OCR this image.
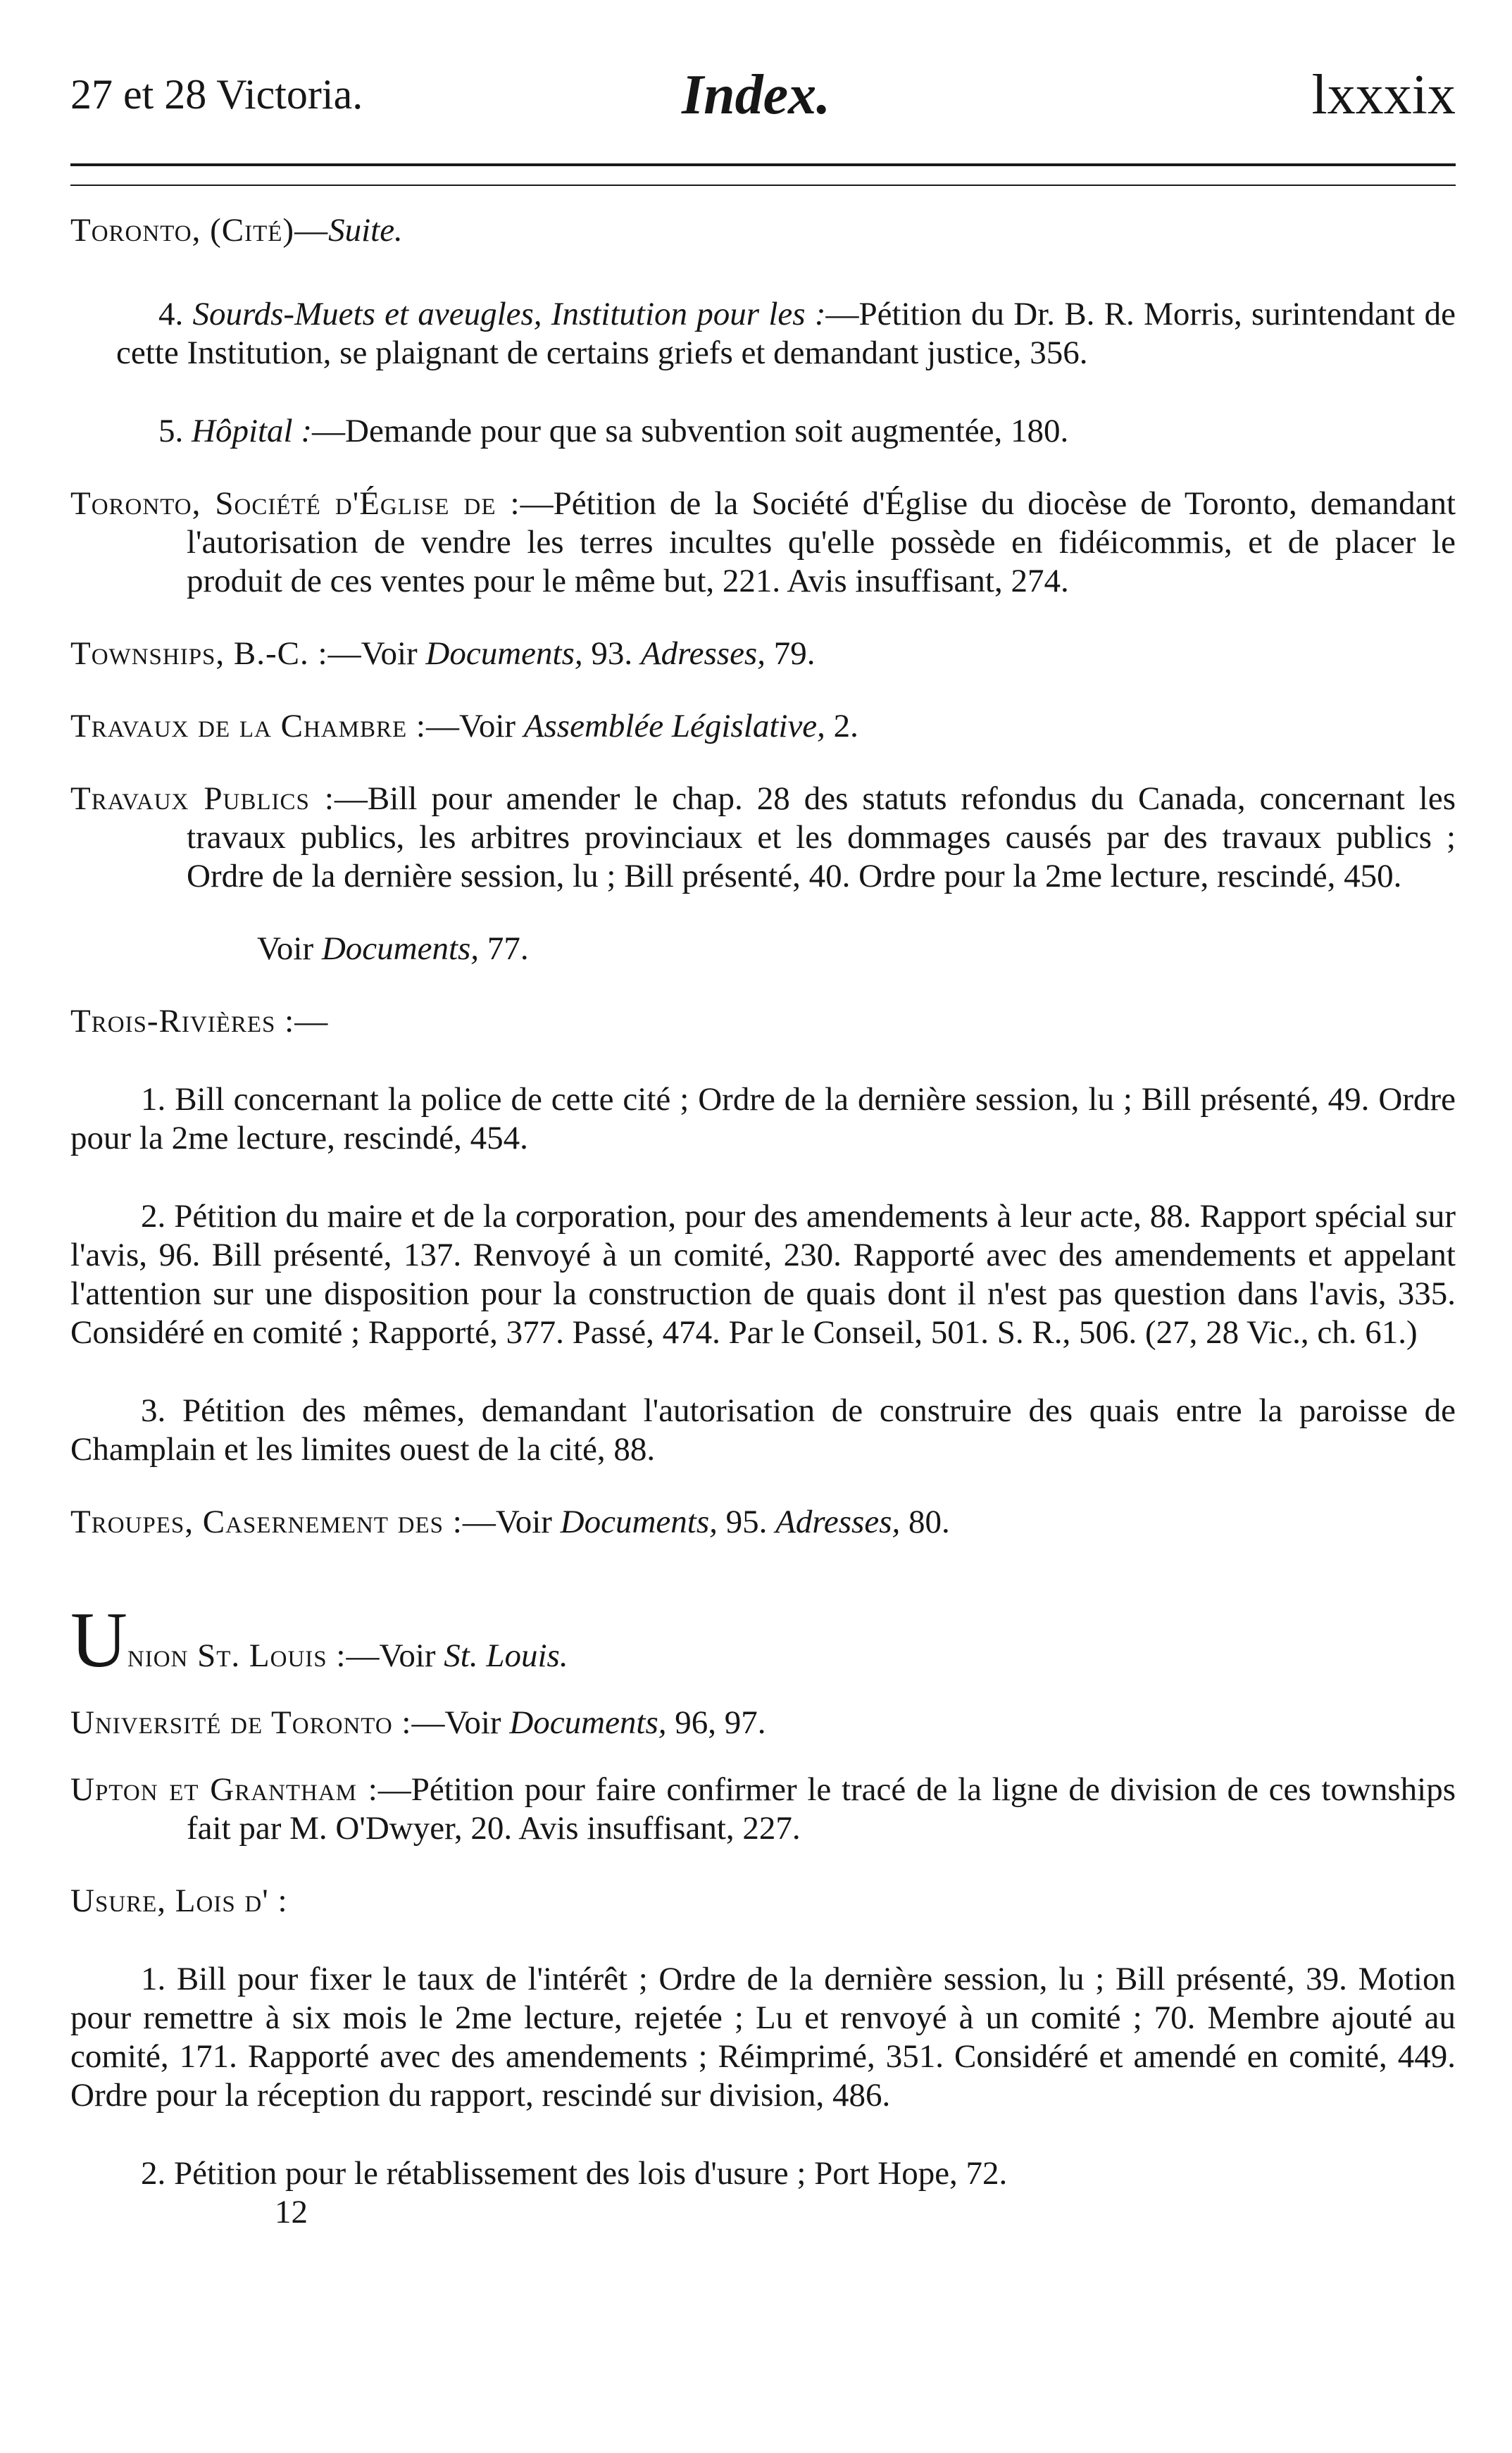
27 et 28 Victoria.	Index.	lxxxix

Toronto, (Cité)—Suite.

4. Sourds-Muets et aveugles, Institution pour les :—Pétition du Dr. B. R. Morris, surintendant de cette Institution, se plaignant de certains griefs et demandant justice, 356.

5. Hôpital :—Demande pour que sa subvention soit augmentée, 180.

Toronto, Société d'Église de :—Pétition de la Société d'Église du diocèse de Toronto, demandant l'autorisation de vendre les terres incultes qu'elle possède en fidéicommis, et de placer le produit de ces ventes pour le même but, 221. Avis insuffisant, 274.

Townships, B.-C. :—Voir Documents, 93. Adresses, 79.

Travaux de la Chambre :—Voir Assemblée Législative, 2.

Travaux Publics :—Bill pour amender le chap. 28 des statuts refondus du Canada, concernant les travaux publics, les arbitres provinciaux et les dommages causés par des travaux publics ; Ordre de la dernière session, lu ; Bill présenté, 40. Ordre pour la 2me lecture, rescindé, 450.

Voir Documents, 77.

Trois-Rivières :—

1. Bill concernant la police de cette cité ; Ordre de la dernière session, lu ; Bill présenté, 49. Ordre pour la 2me lecture, rescindé, 454.

2. Pétition du maire et de la corporation, pour des amendements à leur acte, 88. Rapport spécial sur l'avis, 96. Bill présenté, 137. Renvoyé à un comité, 230. Rapporté avec des amendements et appelant l'attention sur une disposition pour la construction de quais dont il n'est pas question dans l'avis, 335. Considéré en comité ; Rapporté, 377. Passé, 474. Par le Conseil, 501. S. R., 506. (27, 28 Vic., ch. 61.)

3. Pétition des mêmes, demandant l'autorisation de construire des quais entre la paroisse de Champlain et les limites ouest de la cité, 88.

Troupes, Casernement des :—Voir Documents, 95. Adresses, 80.

Union St. Louis :—Voir St. Louis.

Université de Toronto :—Voir Documents, 96, 97.

Upton et Grantham :—Pétition pour faire confirmer le tracé de la ligne de division de ces townships fait par M. O'Dwyer, 20. Avis insuffisant, 227.

Usure, Lois d' :

1. Bill pour fixer le taux de l'intérêt ; Ordre de la dernière session, lu ; Bill présenté, 39. Motion pour remettre à six mois le 2me lecture, rejetée ; Lu et renvoyé à un comité ; 70. Membre ajouté au comité, 171. Rapporté avec des amendements ; Réimprimé, 351. Considéré et amendé en comité, 449. Ordre pour la réception du rapport, rescindé sur division, 486.

2. Pétition pour le rétablissement des lois d'usure ; Port Hope, 72.

12
